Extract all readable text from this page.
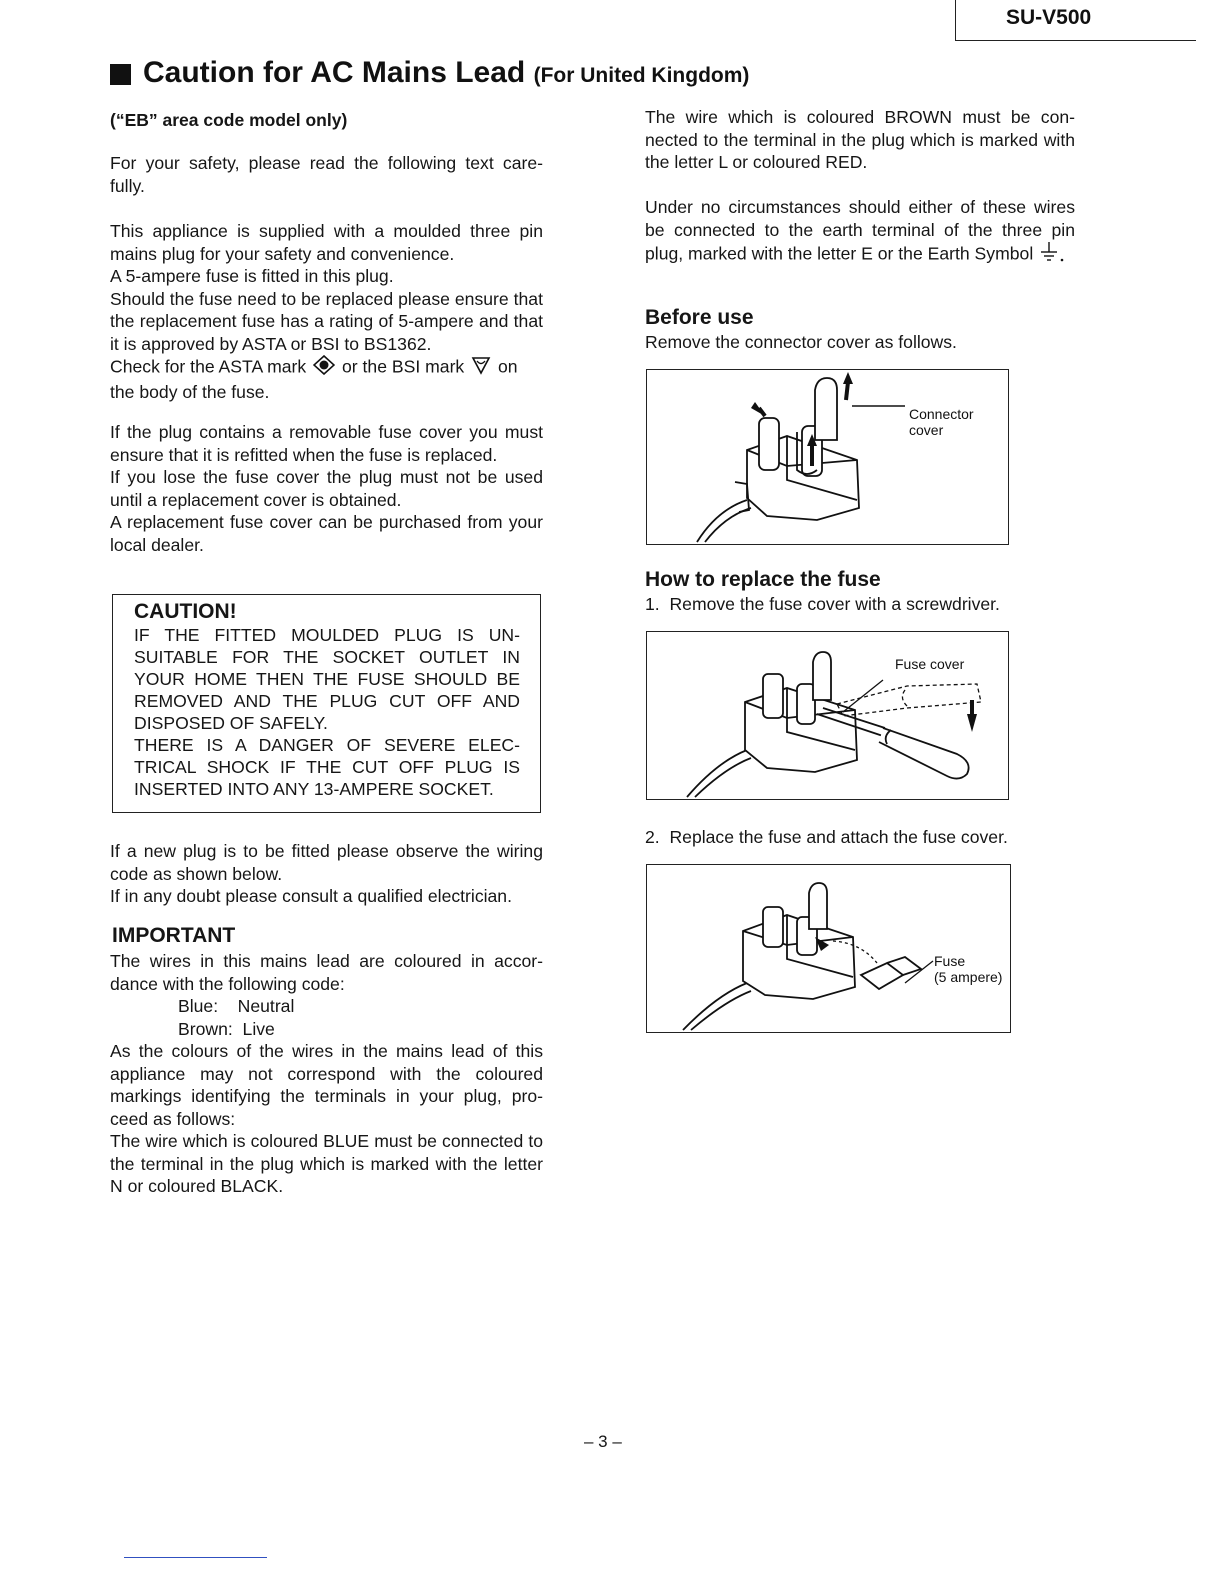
SU-V500
Caution for AC Mains Lead (For United Kingdom)
(“EB” area code model only)

For your safety, please read the following text care-fully.

This appliance is supplied with a moulded three pin mains plug for your safety and convenience.

A 5-ampere fuse is fitted in this plug.

Should the fuse need to be replaced please ensure that the replacement fuse has a rating of 5-ampere and that it is approved by ASTA or BSI to BS1362.

Check for the ASTA mark or the BSI mark on the body of the fuse.

If the plug contains a removable fuse cover you must ensure that it is refitted when the fuse is replaced.

If you lose the fuse cover the plug must not be used until a replacement cover is obtained.

A replacement fuse cover can be purchased from your local dealer.

CAUTION!

IF THE FITTED MOULDED PLUG IS UN-SUITABLE FOR THE SOCKET OUTLET IN YOUR HOME THEN THE FUSE SHOULD BE REMOVED AND THE PLUG CUT OFF AND DISPOSED OF SAFELY.

THERE IS A DANGER OF SEVERE ELEC-TRICAL SHOCK IF THE CUT OFF PLUG IS INSERTED INTO ANY 13-AMPERE SOCKET.

If a new plug is to be fitted please observe the wiring code as shown below.

If in any doubt please consult a qualified electrician.

IMPORTANT

The wires in this mains lead are coloured in accor-dance with the following code:

Blue:    Neutral

Brown:  Live

As the colours of the wires in the mains lead of this appliance may not correspond with the coloured markings identifying the terminals in your plug, pro-ceed as follows:

The wire which is coloured BLUE must be connected to the terminal in the plug which is marked with the letter N or coloured BLACK.

The wire which is coloured BROWN must be con-nected to the terminal in the plug which is marked with the letter L or coloured RED.

Under no circumstances should either of these wires be connected to the earth terminal of the three pin plug, marked with the letter E or the Earth Symbol

Before use
Remove the connector cover as follows.
Connector cover
How to replace the fuse
1.  Remove the fuse cover with a screwdriver.
Fuse cover
2.  Replace the fuse and attach the fuse cover.
Fuse
(5 ampere)
– 3 –
